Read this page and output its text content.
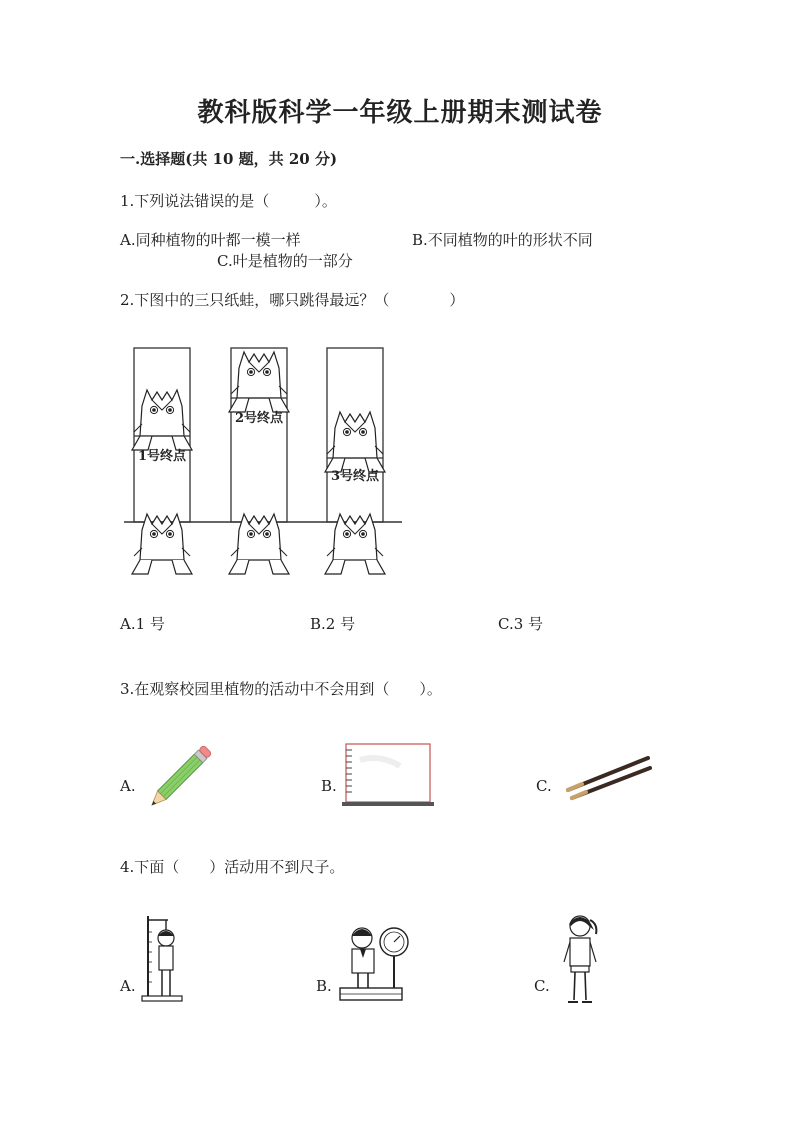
教科版科学一年级上册期末测试卷
一.选择题(共 10 题，共 20 分)
1.下列说法错误的是（　　　）。
A.同种植物的叶都一模一样	B.不同植物的叶的形状不同
C.叶是植物的一部分
2.下图中的三只纸蛙，哪只跳得最远？（　　　　）
1号终点
2号终点
3号终点
A.1 号	B.2 号	C.3 号
3.在观察校园里植物的活动中不会用到（　　）。
A.	B.	C.
4.下面（　　）活动用不到尺子。
A.	B.	C.
